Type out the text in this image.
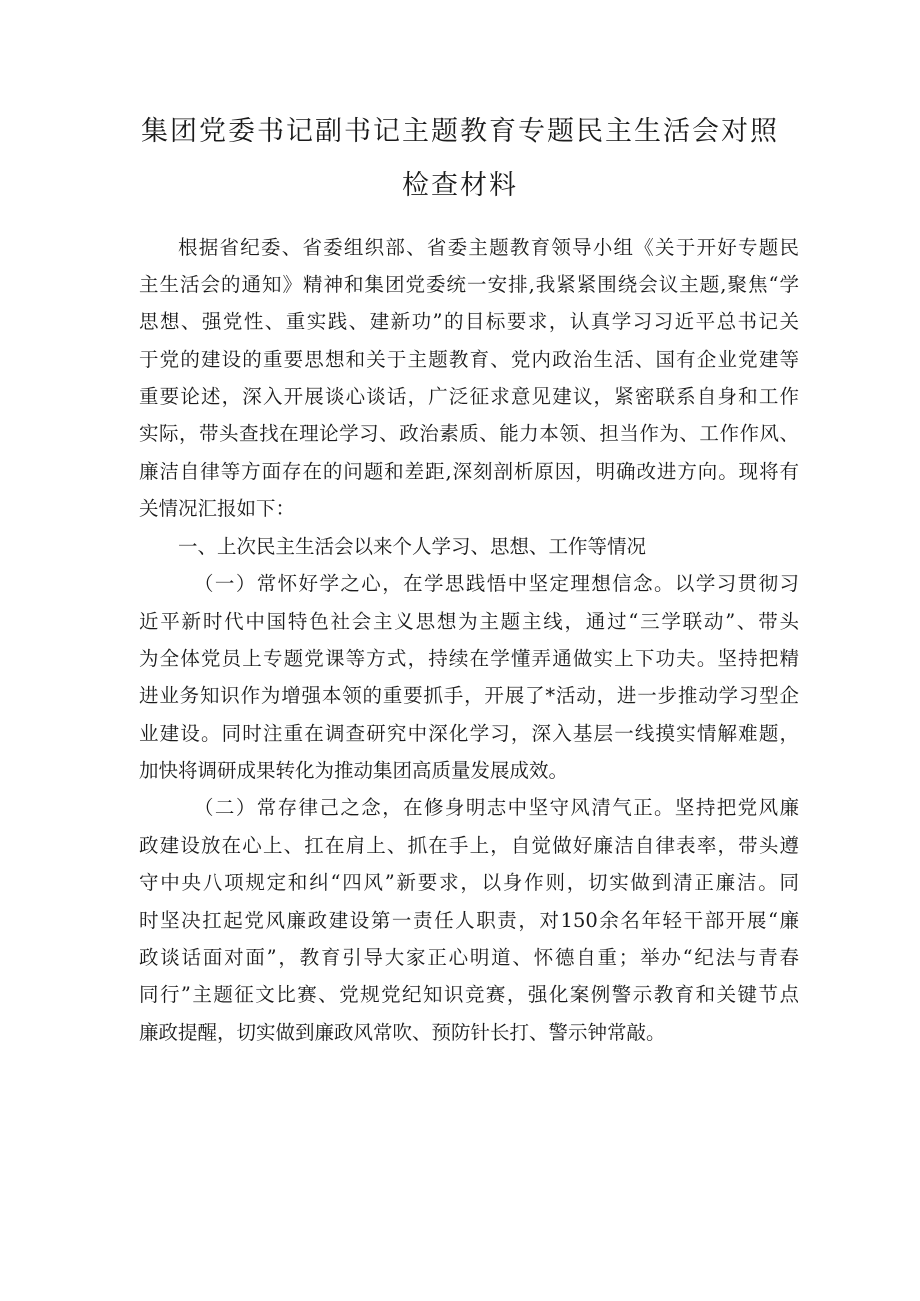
集团党委书记副书记主题教育专题民主生活会对照
检查材料

根据省纪委、省委组织部、省委主题教育领导小组《关于开好专题民

主生活会的通知》精神和集团党委统一安排,我紧紧围绕会议主题,聚焦“学

思想、强党性、重实践、建新功”的目标要求，认真学习习近平总书记关

于党的建设的重要思想和关于主题教育、党内政治生活、国有企业党建等

重要论述，深入开展谈心谈话，广泛征求意见建议，紧密联系自身和工作

实际，带头查找在理论学习、政治素质、能力本领、担当作为、工作作风、

廉洁自律等方面存在的问题和差距,深刻剖析原因，明确改进方向。现将有

关情况汇报如下：

一、上次民主生活会以来个人学习、思想、工作等情况

（一）常怀好学之心，在学思践悟中坚定理想信念。以学习贯彻习

近平新时代中国特色社会主义思想为主题主线，通过“三学联动”、带头

为全体党员上专题党课等方式，持续在学懂弄通做实上下功夫。坚持把精

进业务知识作为增强本领的重要抓手，开展了*活动，进一步推动学习型企

业建设。同时注重在调查研究中深化学习，深入基层一线摸实情解难题，

加快将调研成果转化为推动集团高质量发展成效。

（二）常存律己之念，在修身明志中坚守风清气正。坚持把党风廉

政建设放在心上、扛在肩上、抓在手上，自觉做好廉洁自律表率，带头遵

守中央八项规定和纠“四风”新要求，以身作则，切实做到清正廉洁。同

时坚决扛起党风廉政建设第一责任人职责，对150余名年轻干部开展“廉

政谈话面对面”，教育引导大家正心明道、怀德自重；举办“纪法与青春

同行”主题征文比赛、党规党纪知识竞赛，强化案例警示教育和关键节点

廉政提醒，切实做到廉政风常吹、预防针长打、警示钟常敲。
